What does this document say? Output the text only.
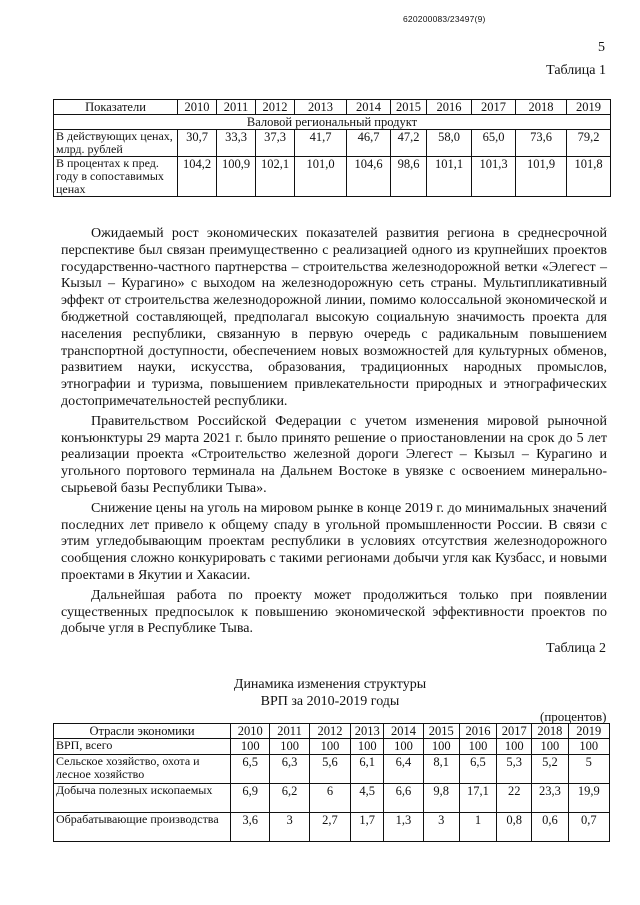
620200083/23497(9)
5
Таблица 1
Показатели	2010	2011	2012	2013	2014	2015	2016	2017	2018	2019
Валовой региональный продукт										
В действующих ценах, млрд. рублей	30,7	33,3	37,3	41,7	46,7	47,2	58,0	65,0	73,6	79,2
В процентах к пред. году в сопоставимых ценах	104,2	100,9	102,1	101,0	104,6	98,6	101,1	101,3	101,9	101,8

Ожидаемый рост экономических показателей развития региона в среднесрочной перспективе был связан преимущественно с реализацией одного из крупнейших проектов государственно-частного партнерства – строительства железнодорожной ветки «Элегест – Кызыл – Курагино» с выходом на железнодорожную сеть страны. Мультипликативный эффект от строительства железнодорожной линии, помимо колоссальной экономической и бюджетной составляющей, предполагал высокую социальную значимость проекта для населения республики, связанную в первую очередь с радикальным повышением транспортной доступности, обеспечением новых возможностей для культурных обменов, развитием науки, искусства, образования, традиционных народных промыслов, этнографии и туризма, повышением привлекательности природных и этнографических достопримечательностей республики.

Правительством Российской Федерации с учетом изменения мировой рыночной конъюнктуры 29 марта 2021 г. было принято решение о приостановлении на срок до 5 лет реализации проекта «Строительство железной дороги Элегест – Кызыл – Курагино и угольного портового терминала на Дальнем Востоке в увязке с освоением минерально-сырьевой базы Республики Тыва».

Снижение цены на уголь на мировом рынке в конце 2019 г. до минимальных значений последних лет привело к общему спаду в угольной промышленности России. В связи с этим угледобывающим проектам республики в условиях отсутствия железнодорожного сообщения сложно конкурировать с такими регионами добычи угля как Кузбасс, и новыми проектами в Якутии и Хакасии.

Дальнейшая работа по проекту может продолжиться только при появлении существенных предпосылок к повышению экономической эффективности проектов по добыче угля в Республике Тыва.

Таблица 2
Динамика изменения структуры
ВРП за 2010-2019 годы
(процентов)
Отрасли экономики	2010	2011	2012	2013	2014	2015	2016	2017	2018	2019
ВРП, всего	100	100	100	100	100	100	100	100	100	100
Сельское хозяйство, охота и лесное хозяйство	6,5	6,3	5,6	6,1	6,4	8,1	6,5	5,3	5,2	5
Добыча полезных ископаемых	6,9	6,2	6	4,5	6,6	9,8	17,1	22	23,3	19,9
Обрабатывающие производства	3,6	3	2,7	1,7	1,3	3	1	0,8	0,6	0,7
